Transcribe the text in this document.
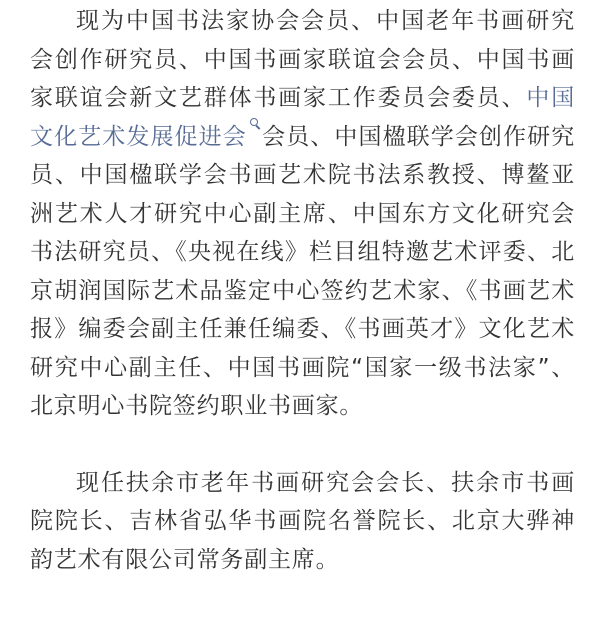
现为中国书法家协会会员、中国老年书画研究会创作研究员、中国书画家联谊会会员、中国书画家联谊会新文艺群体书画家工作委员会委员、中国文化艺术发展促进会 会员、中国楹联学会创作研究员、中国楹联学会书画艺术院书法系教授、博鳌亚洲艺术人才研究中心副主席、中国东方文化研究会书法研究员、《央视在线》栏目组特邀艺术评委、北京胡润国际艺术品鉴定中心签约艺术家、《书画艺术报》编委会副主任兼任编委、《书画英才》文化艺术研究中心副主任、中国书画院“国家一级书法家”、北京明心书院签约职业书画家。

现任扶余市老年书画研究会会长、扶余市书画院院长、吉林省弘华书画院名誉院长、北京大骅神韵艺术有限公司常务副主席。
